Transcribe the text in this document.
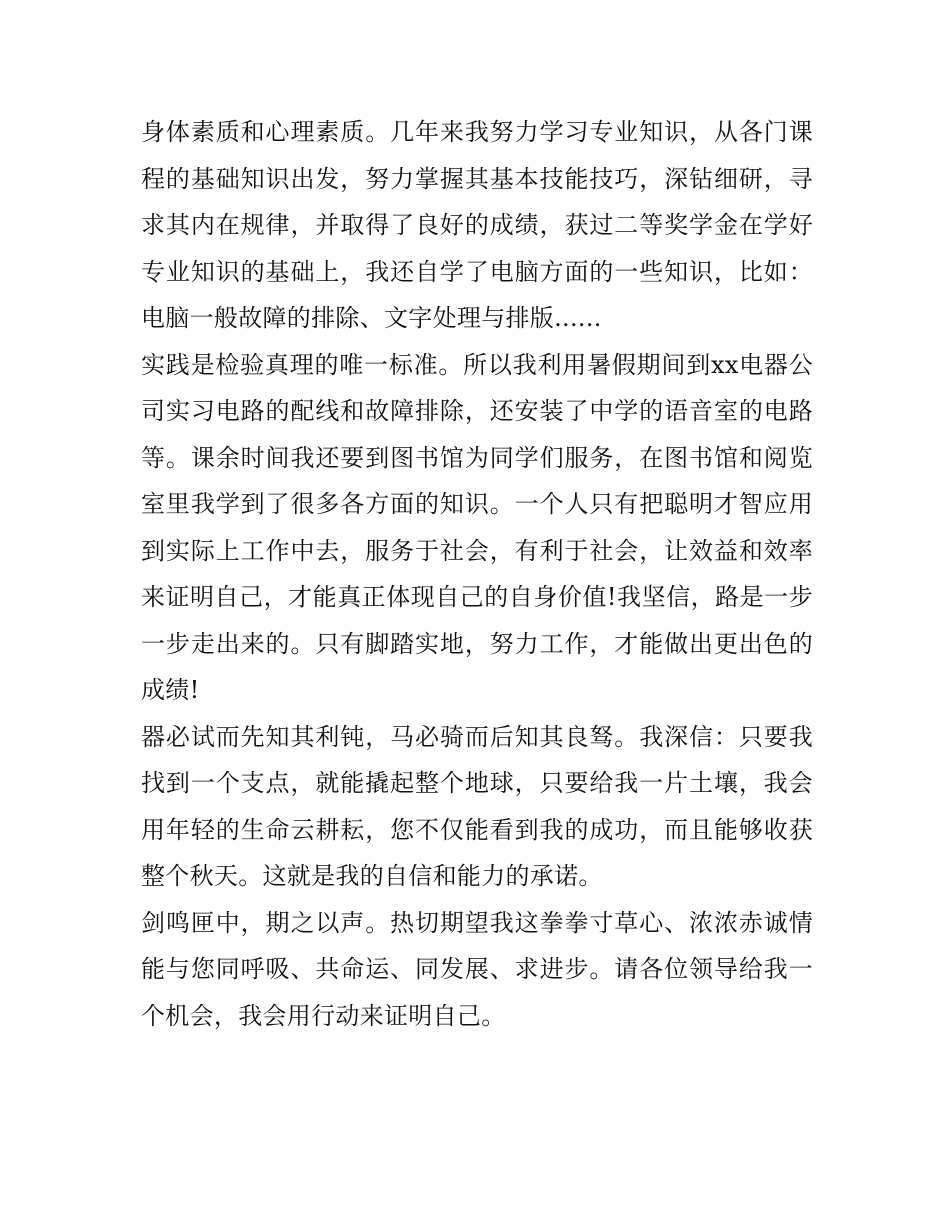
身体素质和心理素质。几年来我努力学习专业知识，从各门课程的基础知识出发，努力掌握其基本技能技巧，深钻细研，寻求其内在规律，并取得了良好的成绩，获过二等奖学金在学好专业知识的基础上，我还自学了电脑方面的一些知识，比如：电脑一般故障的排除、文字处理与排版......

实践是检验真理的唯一标准。所以我利用暑假期间到xx电器公司实习电路的配线和故障排除，还安装了中学的语音室的电路等。课余时间我还要到图书馆为同学们服务，在图书馆和阅览室里我学到了很多各方面的知识。一个人只有把聪明才智应用到实际上工作中去，服务于社会，有利于社会，让效益和效率来证明自己，才能真正体现自己的自身价值!我坚信，路是一步一步走出来的。只有脚踏实地，努力工作，才能做出更出色的成绩!

器必试而先知其利钝，马必骑而后知其良驽。我深信：只要我找到一个支点，就能撬起整个地球，只要给我一片土壤，我会用年轻的生命云耕耘，您不仅能看到我的成功，而且能够收获整个秋天。这就是我的自信和能力的承诺。

剑鸣匣中，期之以声。热切期望我这拳拳寸草心、浓浓赤诚情能与您同呼吸、共命运、同发展、求进步。请各位领导给我一个机会，我会用行动来证明自己。
